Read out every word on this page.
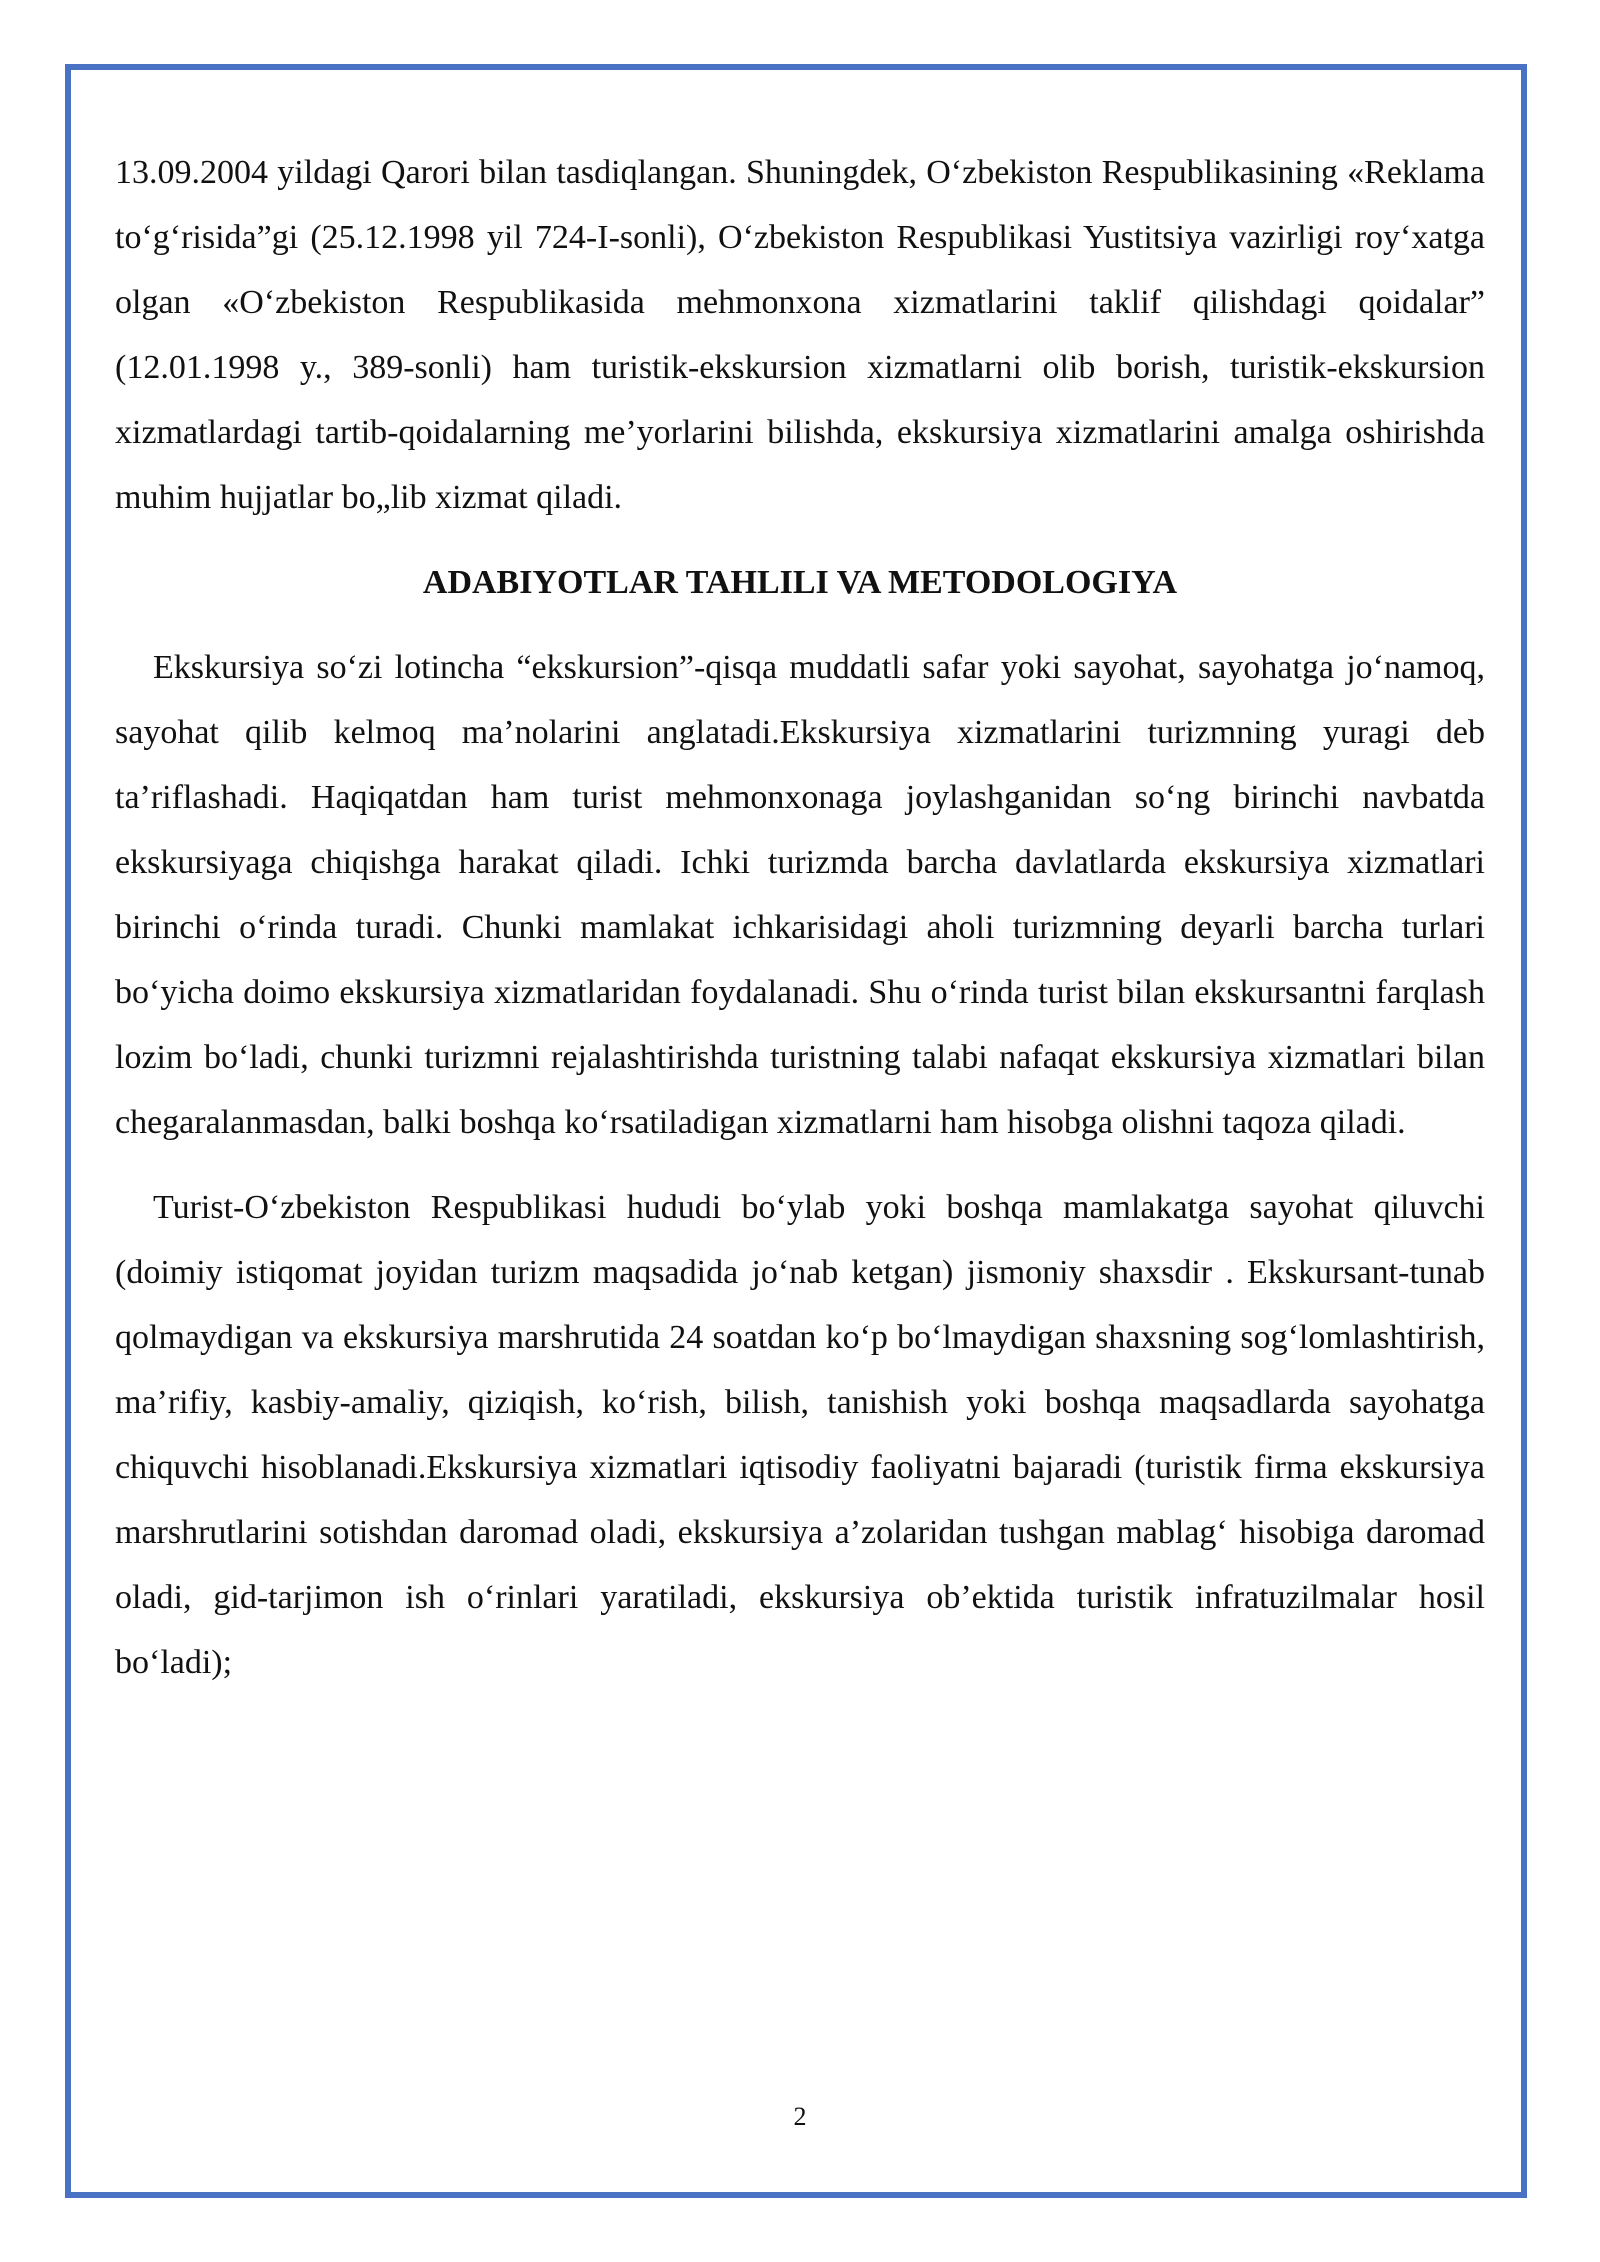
13.09.2004 yildagi Qarori bilan tasdiqlangan. Shuningdek, O‘zbekiston Respublikasining «Reklama to‘g‘risida”gi (25.12.1998 yil 724-I-sonli), O‘zbekiston Respublikasi Yustitsiya vazirligi roy‘xatga olgan «O‘zbekiston Respublikasida mehmonxona xizmatlarini taklif qilishdagi qoidalar” (12.01.1998 y., 389-sonli) ham turistik-ekskursion xizmatlarni olib borish, turistik-ekskursion xizmatlardagi tartib-qoidalarning me’yorlarini bilishda, ekskursiya xizmatlarini amalga oshirishda muhim hujjatlar bo„lib xizmat qiladi.

ADABIYOTLAR TAHLILI VA METODOLOGIYA

Ekskursiya so‘zi lotincha “ekskursion”-qisqa muddatli safar yoki sayohat, sayohatga jo‘namoq, sayohat qilib kelmoq ma’nolarini anglatadi.Ekskursiya xizmatlarini turizmning yuragi deb ta’riflashadi. Haqiqatdan ham turist mehmonxonaga joylashganidan so‘ng birinchi navbatda ekskursiyaga chiqishga harakat qiladi. Ichki turizmda barcha davlatlarda ekskursiya xizmatlari birinchi o‘rinda turadi. Chunki mamlakat ichkarisidagi aholi turizmning deyarli barcha turlari bo‘yicha doimo ekskursiya xizmatlaridan foydalanadi. Shu o‘rinda turist bilan ekskursantni farqlash lozim bo‘ladi, chunki turizmni rejalashtirishda turistning talabi nafaqat ekskursiya xizmatlari bilan chegaralanmasdan, balki boshqa ko‘rsatiladigan xizmatlarni ham hisobga olishni taqoza qiladi.

Turist-O‘zbekiston Respublikasi hududi bo‘ylab yoki boshqa mamlakatga sayohat qiluvchi (doimiy istiqomat joyidan turizm maqsadida jo‘nab ketgan) jismoniy shaxsdir . Ekskursant-tunab qolmaydigan va ekskursiya marshrutida 24 soatdan ko‘p bo‘lmaydigan shaxsning sog‘lomlashtirish, ma’rifiy, kasbiy-amaliy, qiziqish, ko‘rish, bilish, tanishish yoki boshqa maqsadlarda sayohatga chiquvchi hisoblanadi.Ekskursiya xizmatlari iqtisodiy faoliyatni bajaradi (turistik firma ekskursiya marshrutlarini sotishdan daromad oladi, ekskursiya a’zolaridan tushgan mablag‘ hisobiga daromad oladi, gid-tarjimon ish o‘rinlari yaratiladi, ekskursiya ob’ektida turistik infratuzilmalar hosil bo‘ladi);

2
